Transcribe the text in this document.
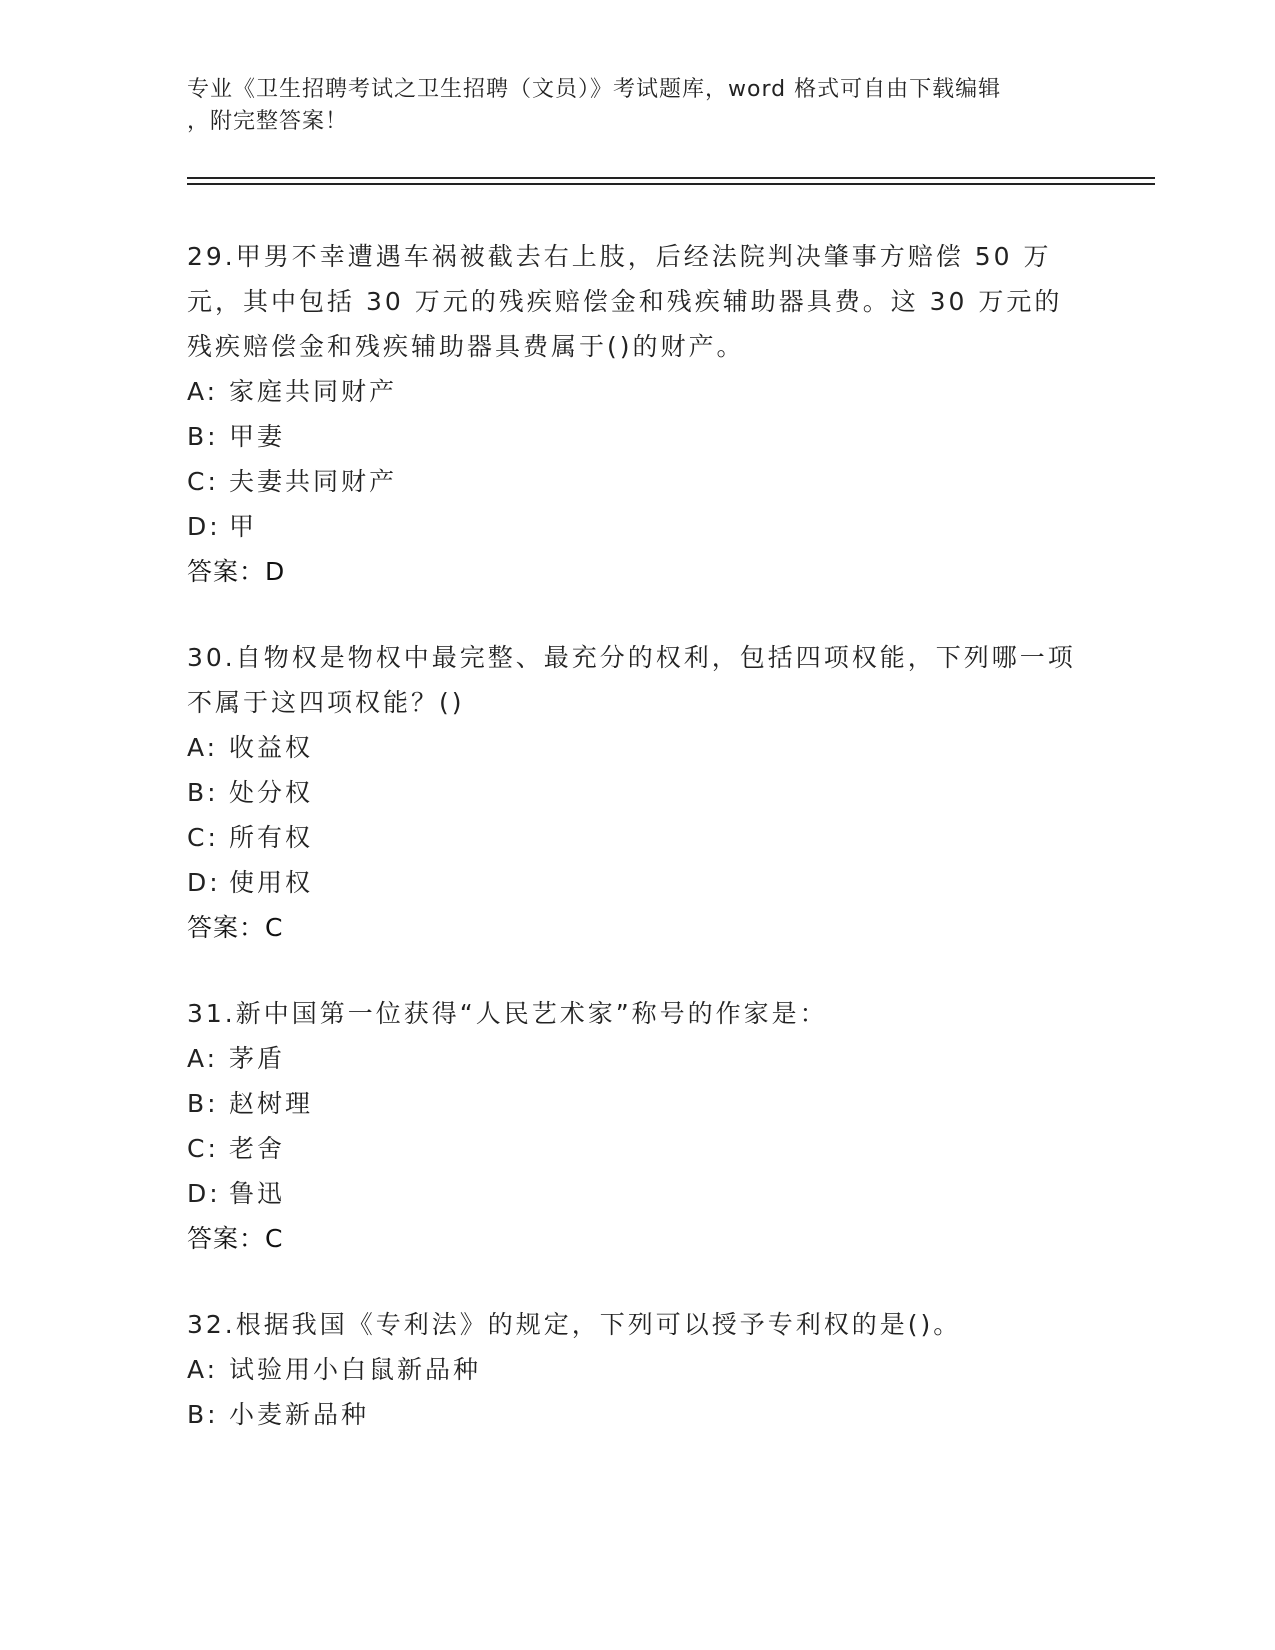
专业《卫生招聘考试之卫生招聘（文员）》考试题库，word 格式可自由下载编辑
，附完整答案！
29.甲男不幸遭遇车祸被截去右上肢，后经法院判决肇事方赔偿 50 万元，其中包括 30 万元的残疾赔偿金和残疾辅助器具费。这 30 万元的残疾赔偿金和残疾辅助器具费属于()的财产。
A: 家庭共同财产
B: 甲妻
C: 夫妻共同财产
D: 甲
答案：D
30.自物权是物权中最完整、最充分的权利，包括四项权能，下列哪一项不属于这四项权能？()
A: 收益权
B: 处分权
C: 所有权
D: 使用权
答案：C
31.新中国第一位获得“人民艺术家”称号的作家是：
A: 茅盾
B: 赵树理
C: 老舍
D: 鲁迅
答案：C
32.根据我国《专利法》的规定，下列可以授予专利权的是()。
A: 试验用小白鼠新品种
B: 小麦新品种
